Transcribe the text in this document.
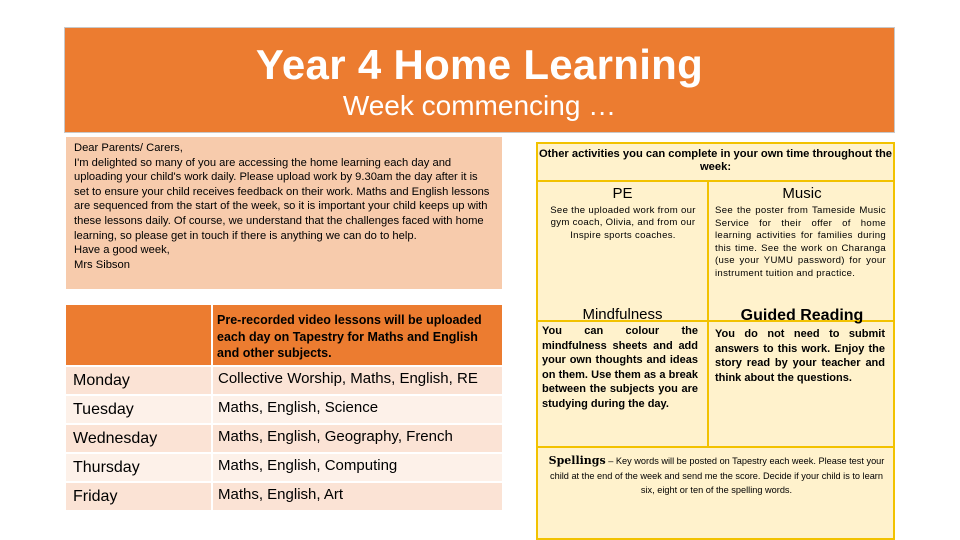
Year 4 Home Learning
Week commencing …

Dear Parents/ Carers,

I'm delighted so many of you are accessing the home learning each day and uploading your child's work daily. Please upload work by 9.30am the day after it is set to ensure your child receives feedback on their work. Maths and English lessons are sequenced from the start of the week, so it is important your child keeps up with these lessons daily. Of course, we understand that the challenges faced with home learning, so please get in touch if there is anything we can do to help.

Have a good week,

Mrs Sibson

Pre-recorded video lessons will be uploaded each day on Tapestry for Maths and English and other subjects.
Monday	Collective Worship, Maths, English, RE
Tuesday	Maths, English, Science
Wednesday	Maths, English, Geography, French
Thursday	Maths, English, Computing
Friday	Maths, English, Art
Other activities you can complete in your own time throughout the week:
PE
See the uploaded work from our gym coach, Olivia, and from our Inspire sports coaches.
Music
See the poster from Tameside Music Service for their offer of home learning activities for families during this time. See the work on Charanga (use your YUMU password) for your instrument tuition and practice.
Mindfulness
You can colour the mindfulness sheets and add your own thoughts and ideas on them. Use them as a break between the subjects you are studying during the day.
Guided Reading
You do not need to submit answers to this work. Enjoy the story read by your teacher and think about the questions.
Spellings – Key words will be posted on Tapestry each week. Please test your child at the end of the week and send me the score. Decide if your child is to learn six, eight or ten of the spelling words.
